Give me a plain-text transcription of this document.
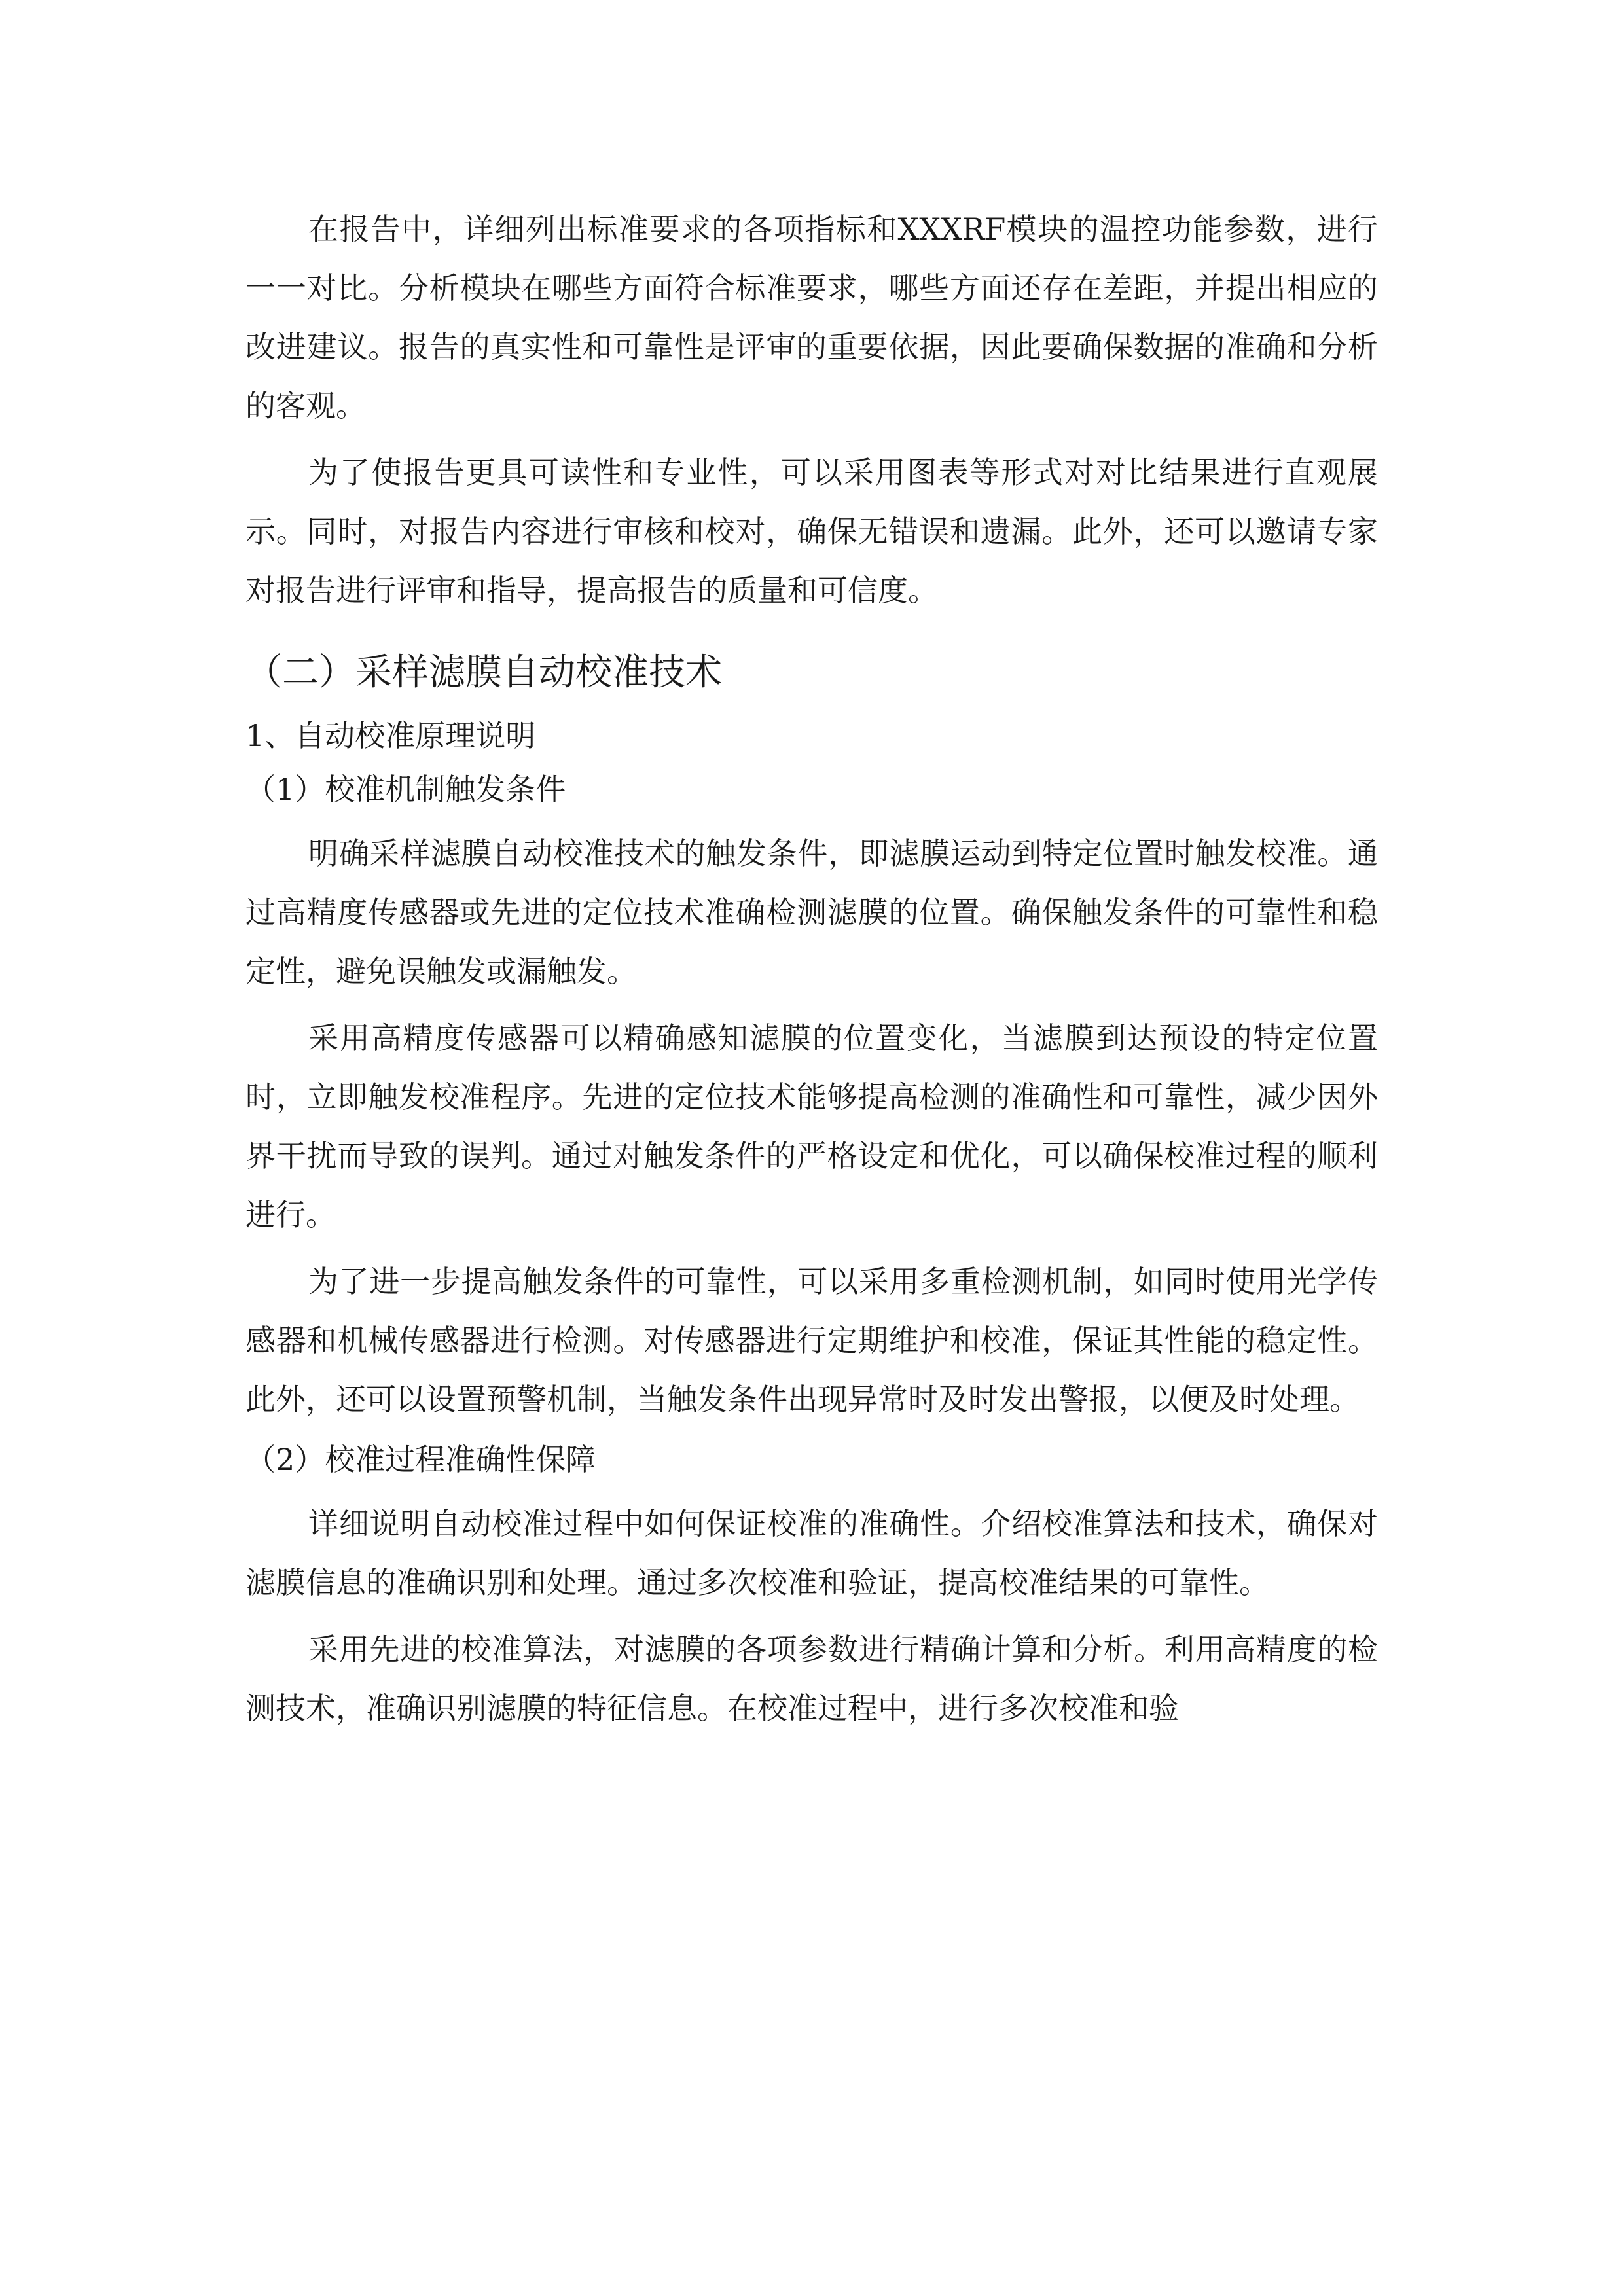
在报告中，详细列出标准要求的各项指标和XXXRF模块的温控功能参数，进行一一对比。分析模块在哪些方面符合标准要求，哪些方面还存在差距，并提出相应的改进建议。报告的真实性和可靠性是评审的重要依据，因此要确保数据的准确和分析的客观。

为了使报告更具可读性和专业性，可以采用图表等形式对对比结果进行直观展示。同时，对报告内容进行审核和校对，确保无错误和遗漏。此外，还可以邀请专家对报告进行评审和指导，提高报告的质量和可信度。

（二）采样滤膜自动校准技术
1、自动校准原理说明
（1）校准机制触发条件

明确采样滤膜自动校准技术的触发条件，即滤膜运动到特定位置时触发校准。通过高精度传感器或先进的定位技术准确检测滤膜的位置。确保触发条件的可靠性和稳定性，避免误触发或漏触发。

采用高精度传感器可以精确感知滤膜的位置变化，当滤膜到达预设的特定位置时，立即触发校准程序。先进的定位技术能够提高检测的准确性和可靠性，减少因外界干扰而导致的误判。通过对触发条件的严格设定和优化，可以确保校准过程的顺利进行。

为了进一步提高触发条件的可靠性，可以采用多重检测机制，如同时使用光学传感器和机械传感器进行检测。对传感器进行定期维护和校准，保证其性能的稳定性。此外，还可以设置预警机制，当触发条件出现异常时及时发出警报，以便及时处理。

（2）校准过程准确性保障

详细说明自动校准过程中如何保证校准的准确性。介绍校准算法和技术，确保对滤膜信息的准确识别和处理。通过多次校准和验证，提高校准结果的可靠性。

采用先进的校准算法，对滤膜的各项参数进行精确计算和分析。利用高精度的检测技术，准确识别滤膜的特征信息。在校准过程中，进行多次校准和验
